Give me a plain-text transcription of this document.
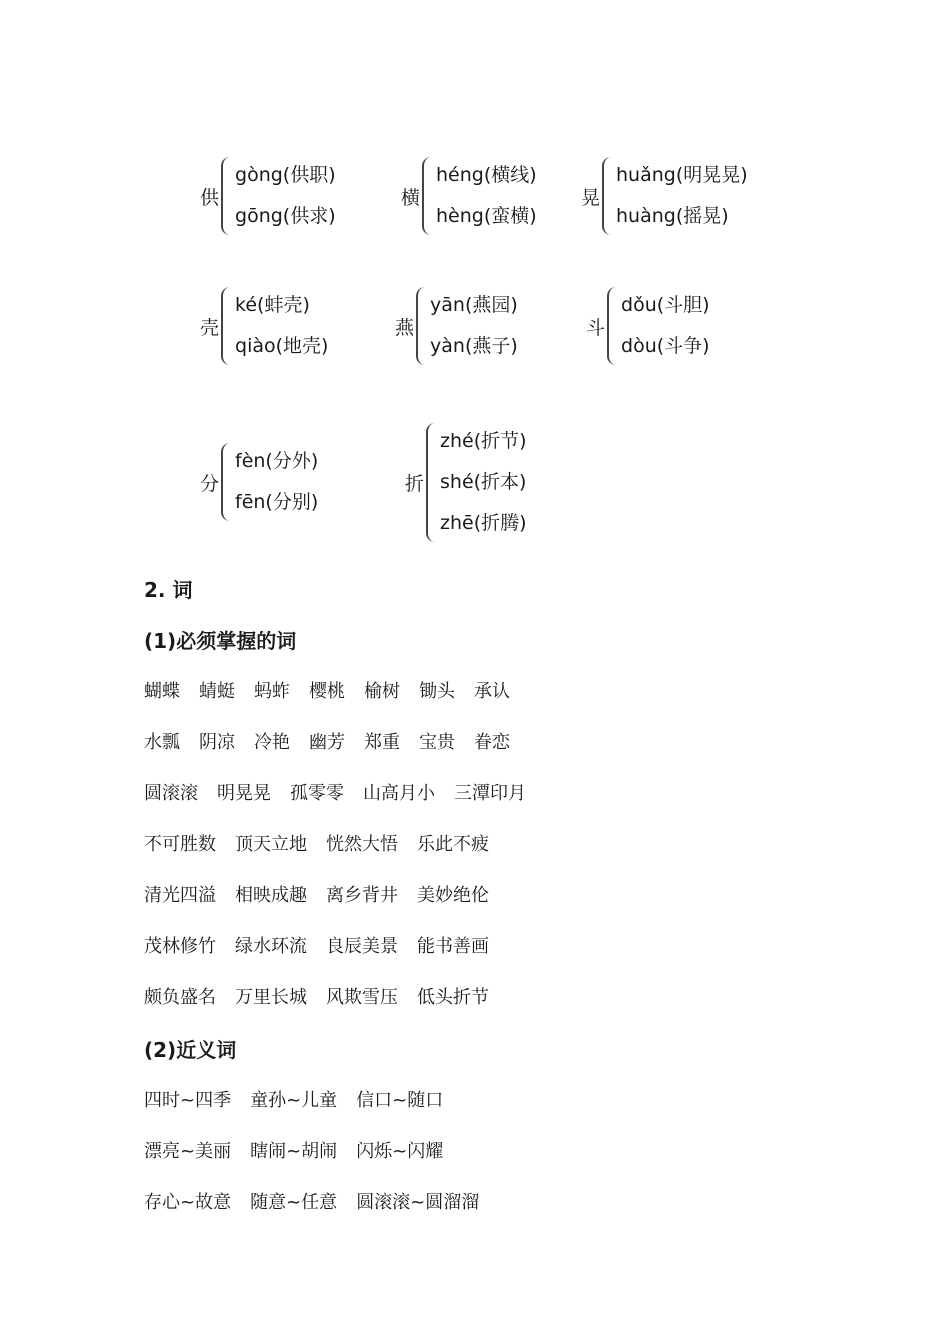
供
gòng(供职)
gōng(供求)
横
héng(横线)
hèng(蛮横)
晃
huǎng(明晃晃)
huàng(摇晃)
壳
ké(蚌壳)
qiào(地壳)
燕
yān(燕园)
yàn(燕子)
斗
dǒu(斗胆)
dòu(斗争)
分
fèn(分外)
fēn(分别)
折
zhé(折节)
shé(折本)
zhē(折腾)
2. 词
(1)必须掌握的词
蝴蝶 蜻蜓 蚂蚱 樱桃 榆树 锄头 承认
水瓢 阴凉 冷艳 幽芳 郑重 宝贵 眷恋
圆滚滚 明晃晃 孤零零 山高月小 三潭印月
不可胜数 顶天立地 恍然大悟 乐此不疲
清光四溢 相映成趣 离乡背井 美妙绝伦
茂林修竹 绿水环流 良辰美景 能书善画
颇负盛名 万里长城 风欺雪压 低头折节
(2)近义词
四时~四季 童孙~儿童 信口~随口
漂亮~美丽 瞎闹~胡闹 闪烁~闪耀
存心~故意 随意~任意 圆滚滚~圆溜溜
